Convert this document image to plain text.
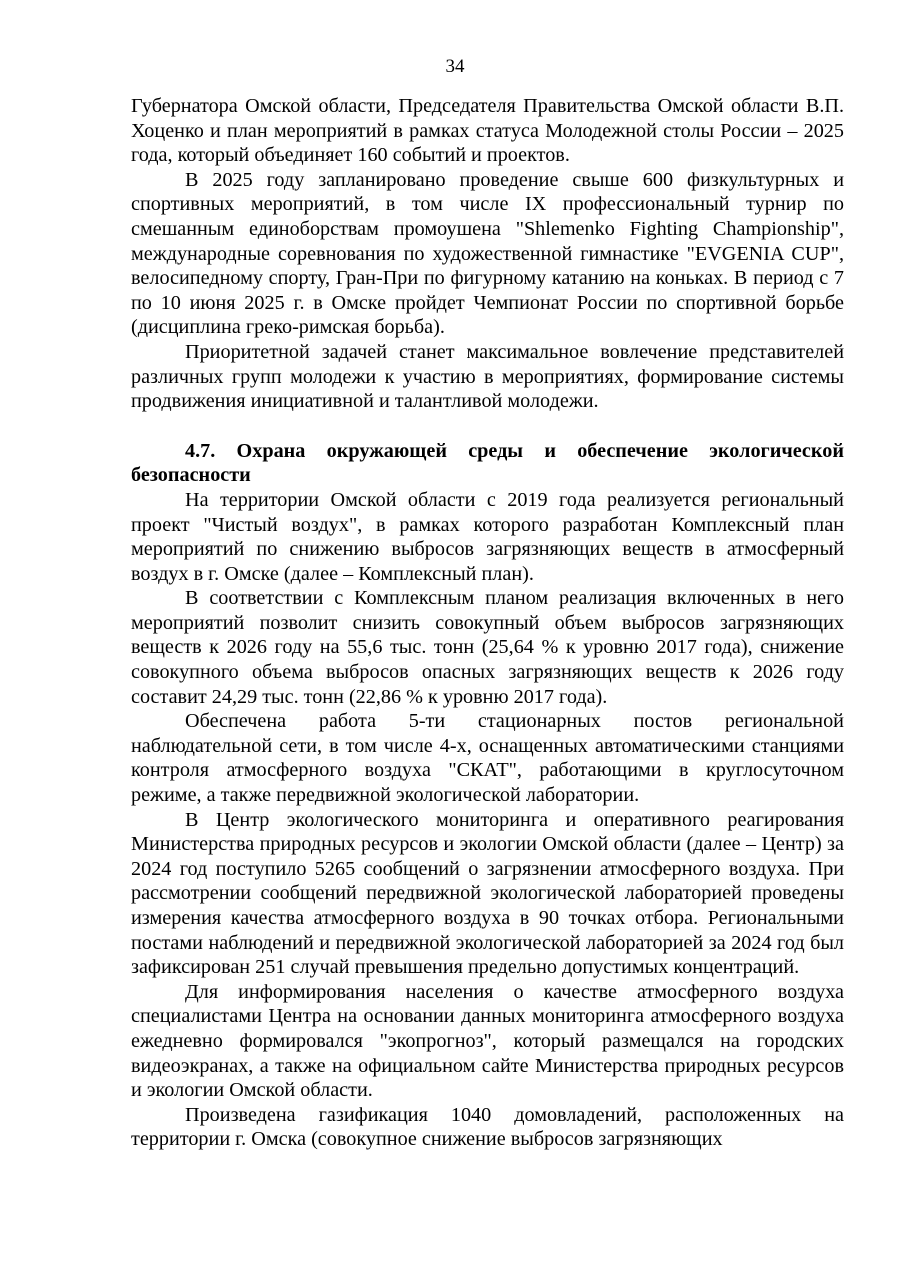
34

Губернатора Омской области, Председателя Правительства Омской области В.П. Хоценко и план мероприятий в рамках статуса Молодежной столы России – 2025 года, который объединяет 160 событий и проектов.

В 2025 году запланировано проведение свыше 600 физкультурных и спортивных мероприятий, в том числе IX профессиональный турнир по смешанным единоборствам промоушена "Shlemenko Fighting Championship", международные соревнования по художественной гимнастике "EVGENIA CUP", велосипедному спорту, Гран-При по фигурному катанию на коньках. В период с 7 по 10 июня 2025 г. в Омске пройдет Чемпионат России по спортивной борьбе (дисциплина греко-римская борьба).

Приоритетной задачей станет максимальное вовлечение представителей различных групп молодежи к участию в мероприятиях, формирование системы продвижения инициативной и талантливой молодежи.

4.7. Охрана окружающей среды и обеспечение экологической безопасности

На территории Омской области с 2019 года реализуется региональный проект "Чистый воздух", в рамках которого разработан Комплексный план мероприятий по снижению выбросов загрязняющих веществ в атмосферный воздух в г. Омске (далее – Комплексный план).

В соответствии с Комплексным планом реализация включенных в него мероприятий позволит снизить совокупный объем выбросов загрязняющих веществ к 2026 году на 55,6 тыс. тонн (25,64 % к уровню 2017 года), снижение совокупного объема выбросов опасных загрязняющих веществ к 2026 году составит 24,29 тыс. тонн (22,86 % к уровню 2017 года).

Обеспечена работа 5-ти стационарных постов региональной наблюдательной сети, в том числе 4-х, оснащенных автоматическими станциями контроля атмосферного воздуха "СКАТ", работающими в круглосуточном режиме, а также передвижной экологической лаборатории.

В Центр экологического мониторинга и оперативного реагирования Министерства природных ресурсов и экологии Омской области (далее – Центр) за 2024 год поступило 5265 сообщений о загрязнении атмосферного воздуха. При рассмотрении сообщений передвижной экологической лабораторией проведены измерения качества атмосферного воздуха в 90 точках отбора. Региональными постами наблюдений и передвижной экологической лабораторией за 2024 год был зафиксирован 251 случай превышения предельно допустимых концентраций.

Для информирования населения о качестве атмосферного воздуха специалистами Центра на основании данных мониторинга атмосферного воздуха ежедневно формировался "экопрогноз", который размещался на городских видеоэкранах, а также на официальном сайте Министерства природных ресурсов и экологии Омской области.

Произведена газификация 1040 домовладений, расположенных на территории г. Омска (совокупное снижение выбросов загрязняющих
